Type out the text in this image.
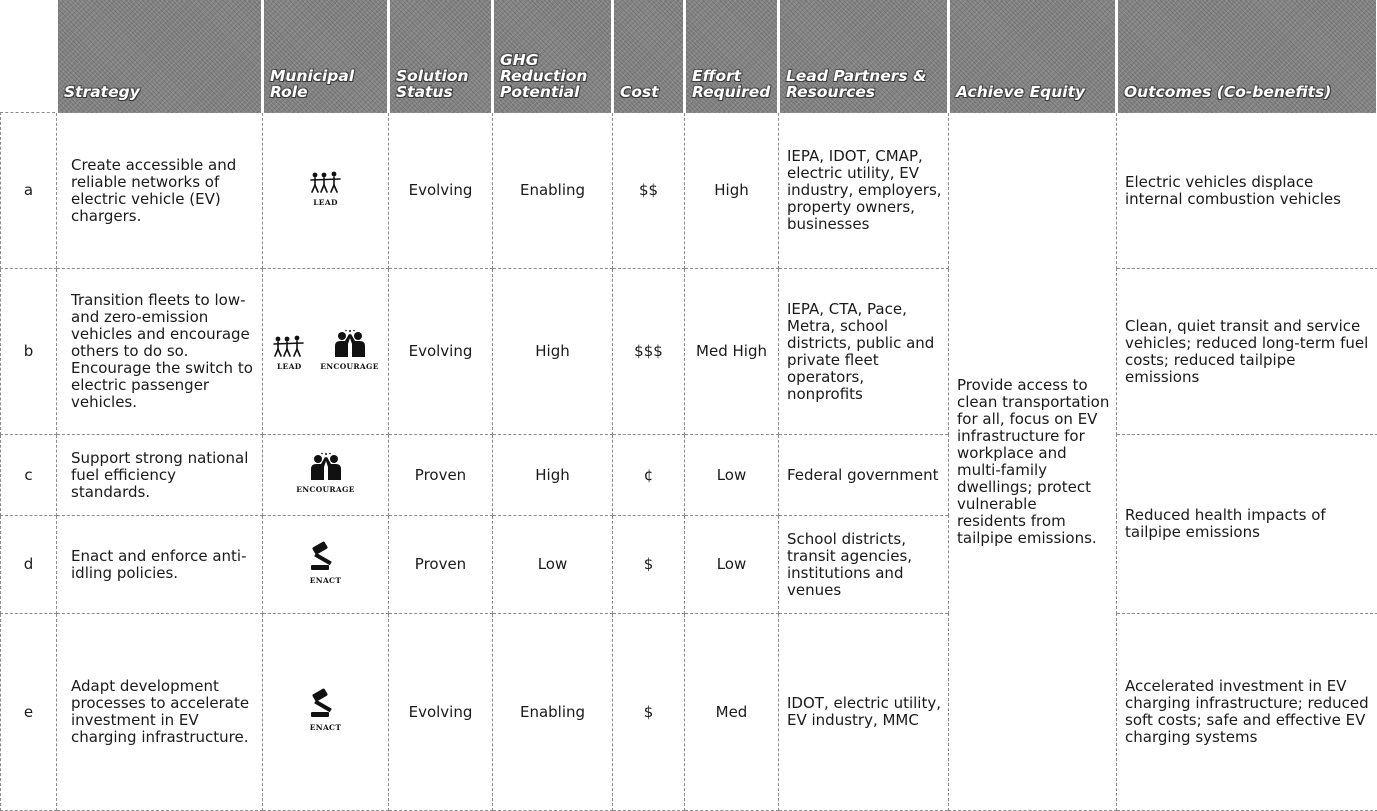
	Strategy	Municipal Role	Solution Status	GHG Reduction Potential	Cost	Effort Required	Lead Partners & Resources	Achieve Equity	Outcomes (Co-benefits)
a	Create accessible and reliable networks of electric vehicle (EV) chargers.	LEAD	Evolving	Enabling	$$	High	IEPA, IDOT, CMAP, electric utility, EV industry, employers, property owners, businesses	Provide access to clean transportation for all, focus on EV infrastructure for workplace and multi-family dwellings; protect vulnerable residents from tailpipe emissions.	Electric vehicles displace internal combustion vehicles
b	Transition fleets to low- and zero-emission vehicles and encourage others to do so. Encourage the switch to electric passenger vehicles.	LEAD ENCOURAGE	Evolving	High	$$$	Med High	IEPA, CTA, Pace, Metra, school districts, public and private fleet operators, nonprofits		Clean, quiet transit and service vehicles; reduced long-term fuel costs; reduced tailpipe emissions
c	Support strong national fuel efficiency standards.	ENCOURAGE	Proven	High	¢	Low	Federal government		Reduced health impacts of tailpipe emissions
d	Enact and enforce anti-idling policies.	ENACT	Proven	Low	$	Low	School districts, transit agencies, institutions and venues		
e	Adapt development processes to accelerate investment in EV charging infrastructure.	ENACT	Evolving	Enabling	$	Med	IDOT, electric utility, EV industry, MMC		Accelerated investment in EV charging infrastructure; reduced soft costs; safe and effective EV charging systems
